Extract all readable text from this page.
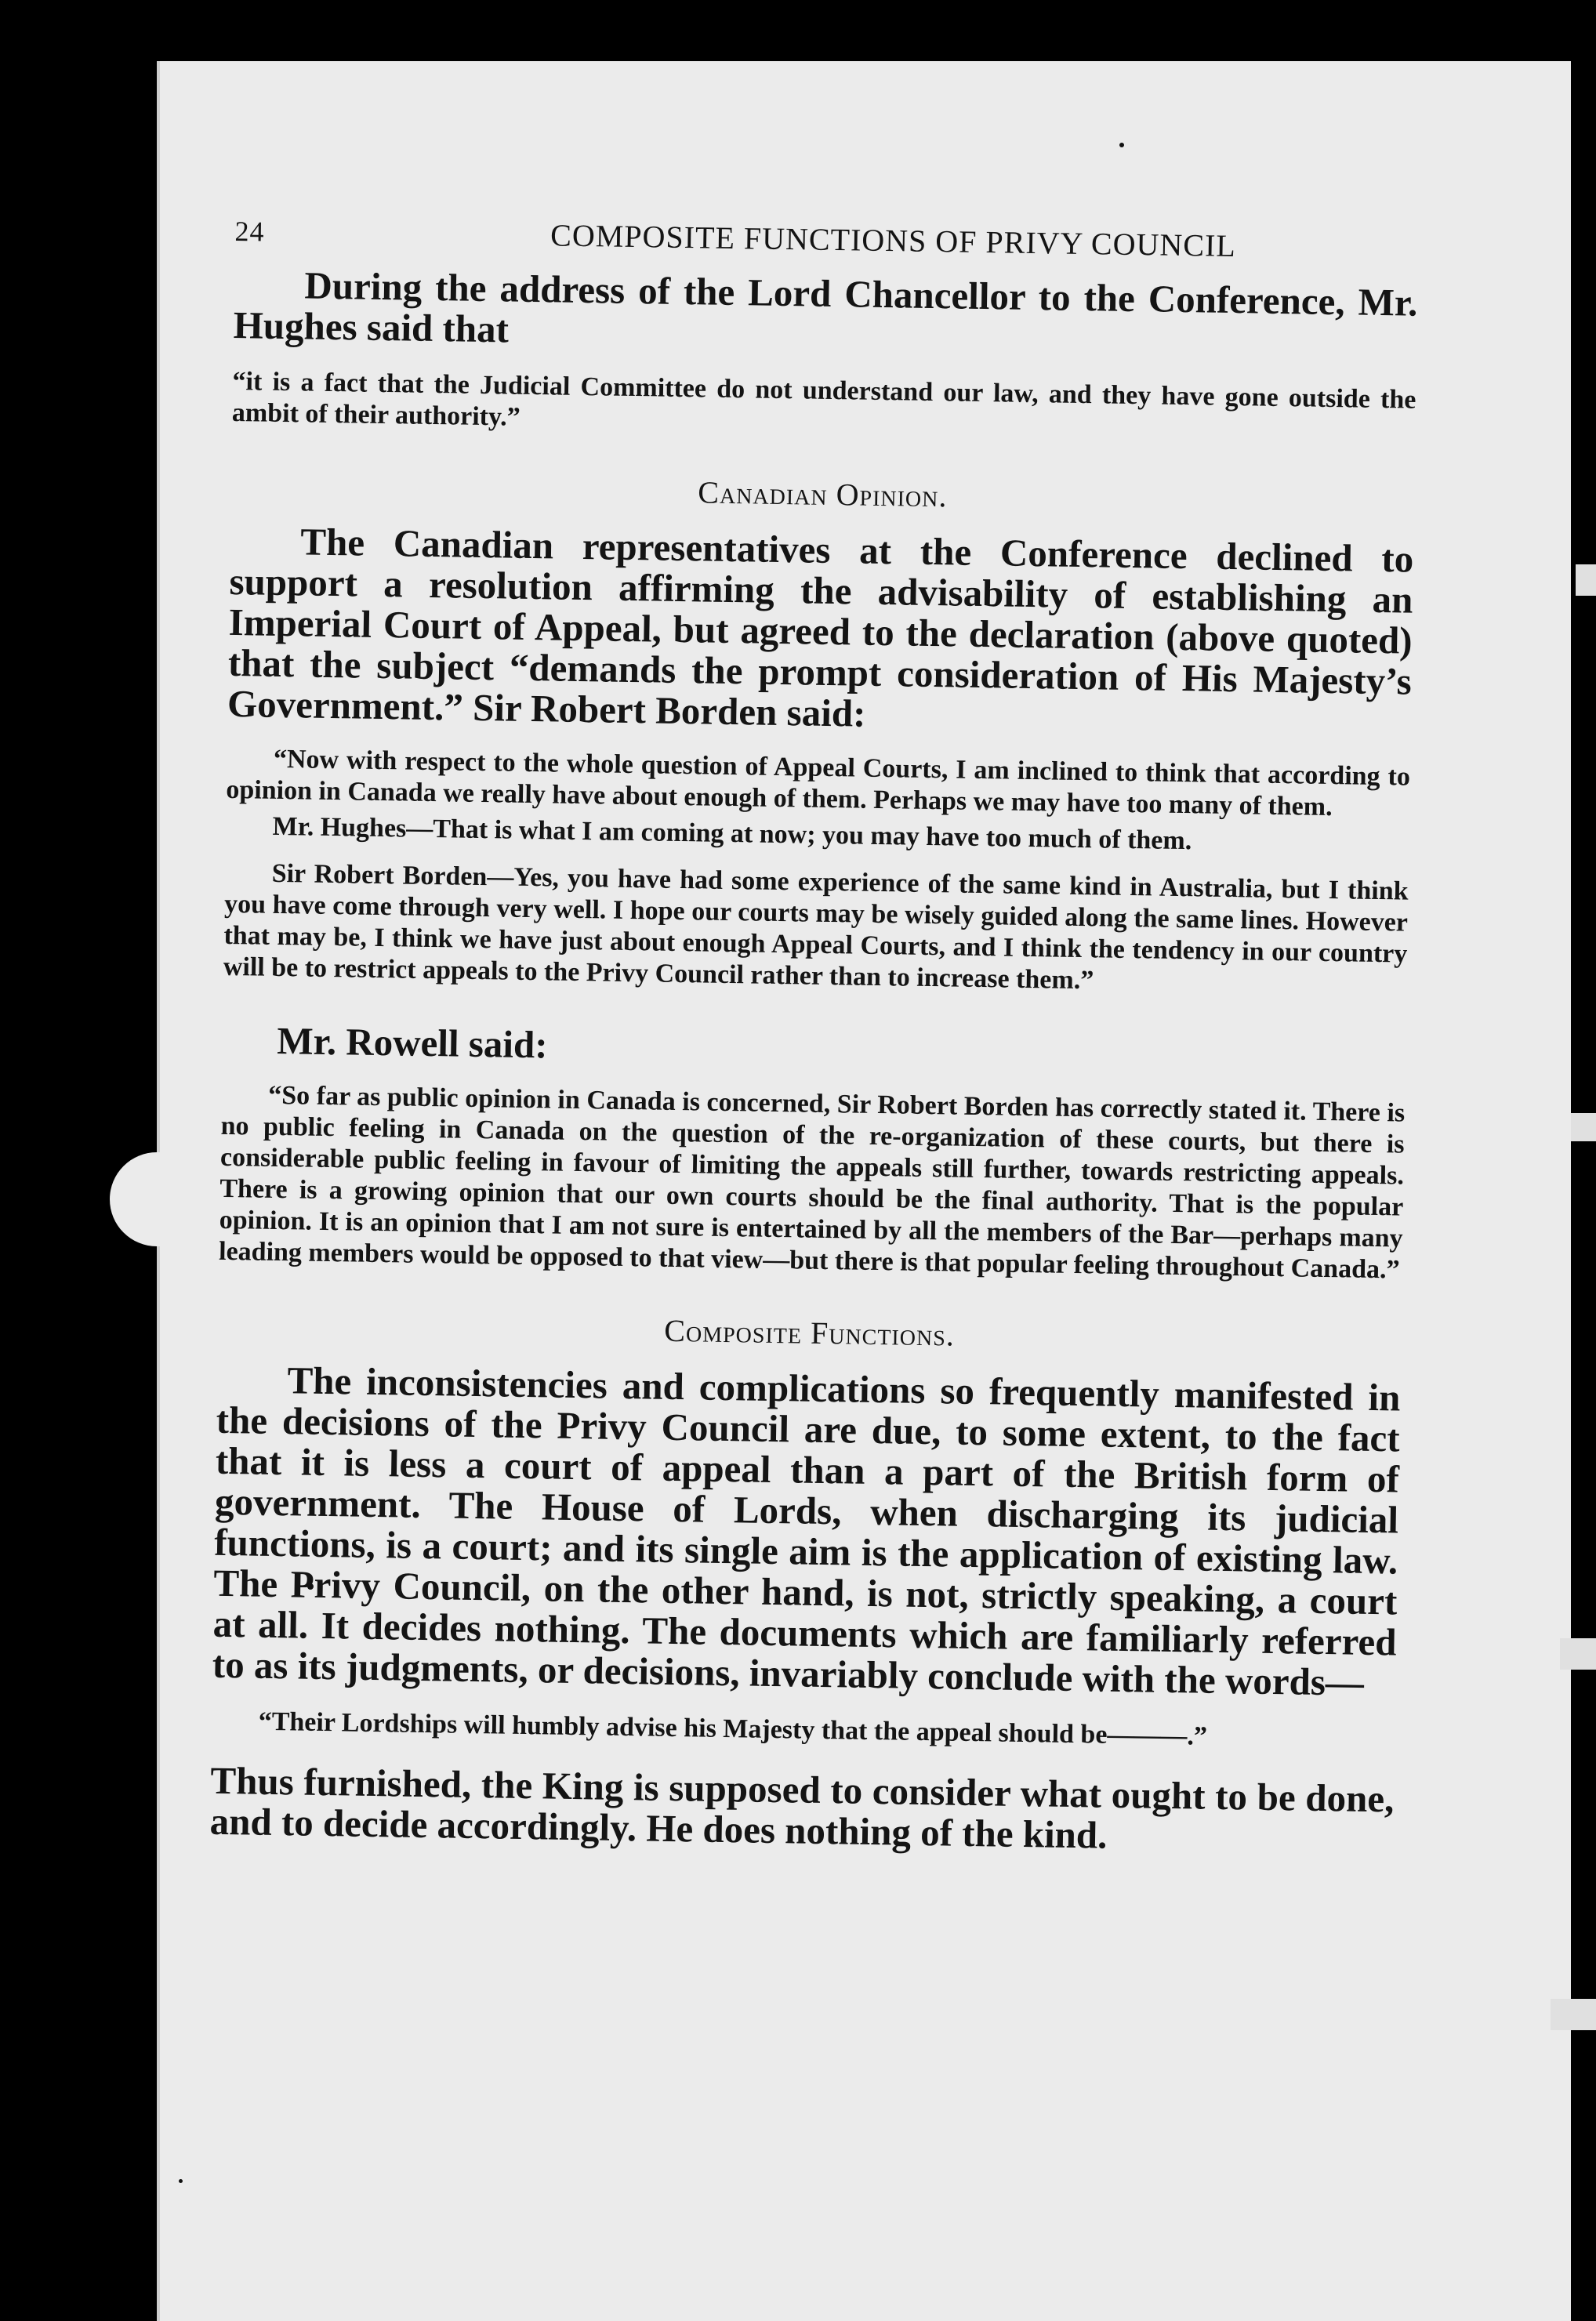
24	COMPOSITE FUNCTIONS OF PRIVY COUNCIL

During the address of the Lord Chancellor to the Conference, Mr. Hughes said that

“it is a fact that the Judicial Committee do not understand our law, and they have gone outside the ambit of their authority.”

Canadian Opinion.

The Canadian representatives at the Conference declined to support a resolution affirming the advisability of establishing an Imperial Court of Appeal, but agreed to the declaration (above quoted) that the subject “demands the prompt consideration of His Majesty’s Government.” Sir Robert Borden said:

“Now with respect to the whole question of Appeal Courts, I am inclined to think that according to opinion in Canada we really have about enough of them. Perhaps we may have too many of them.

Mr. Hughes—That is what I am coming at now; you may have too much of them.

Sir Robert Borden—Yes, you have had some experience of the same kind in Australia, but I think you have come through very well. I hope our courts may be wisely guided along the same lines. However that may be, I think we have just about enough Appeal Courts, and I think the tendency in our country will be to restrict appeals to the Privy Council rather than to increase them.”

Mr. Rowell said:

“So far as public opinion in Canada is concerned, Sir Robert Borden has correctly stated it. There is no public feeling in Canada on the question of the re-organization of these courts, but there is considerable public feeling in favour of limiting the appeals still further, towards restricting appeals. There is a growing opinion that our own courts should be the final authority. That is the popular opinion. It is an opinion that I am not sure is entertained by all the members of the Bar—perhaps many leading members would be opposed to that view—but there is that popular feeling throughout Canada.”

Composite Functions.

The inconsistencies and complications so frequently manifested in the decisions of the Privy Council are due, to some extent, to the fact that it is less a court of appeal than a part of the British form of government. The House of Lords, when discharging its judicial functions, is a court; and its single aim is the application of existing law. The Privy Council, on the other hand, is not, strictly speaking, a court at all. It decides nothing. The documents which are familiarly referred to as its judgments, or decisions, invariably conclude with the words—

“Their Lordships will humbly advise his Majesty that the appeal should be———.”

Thus furnished, the King is supposed to consider what ought to be done, and to decide accordingly. He does nothing of the kind.
